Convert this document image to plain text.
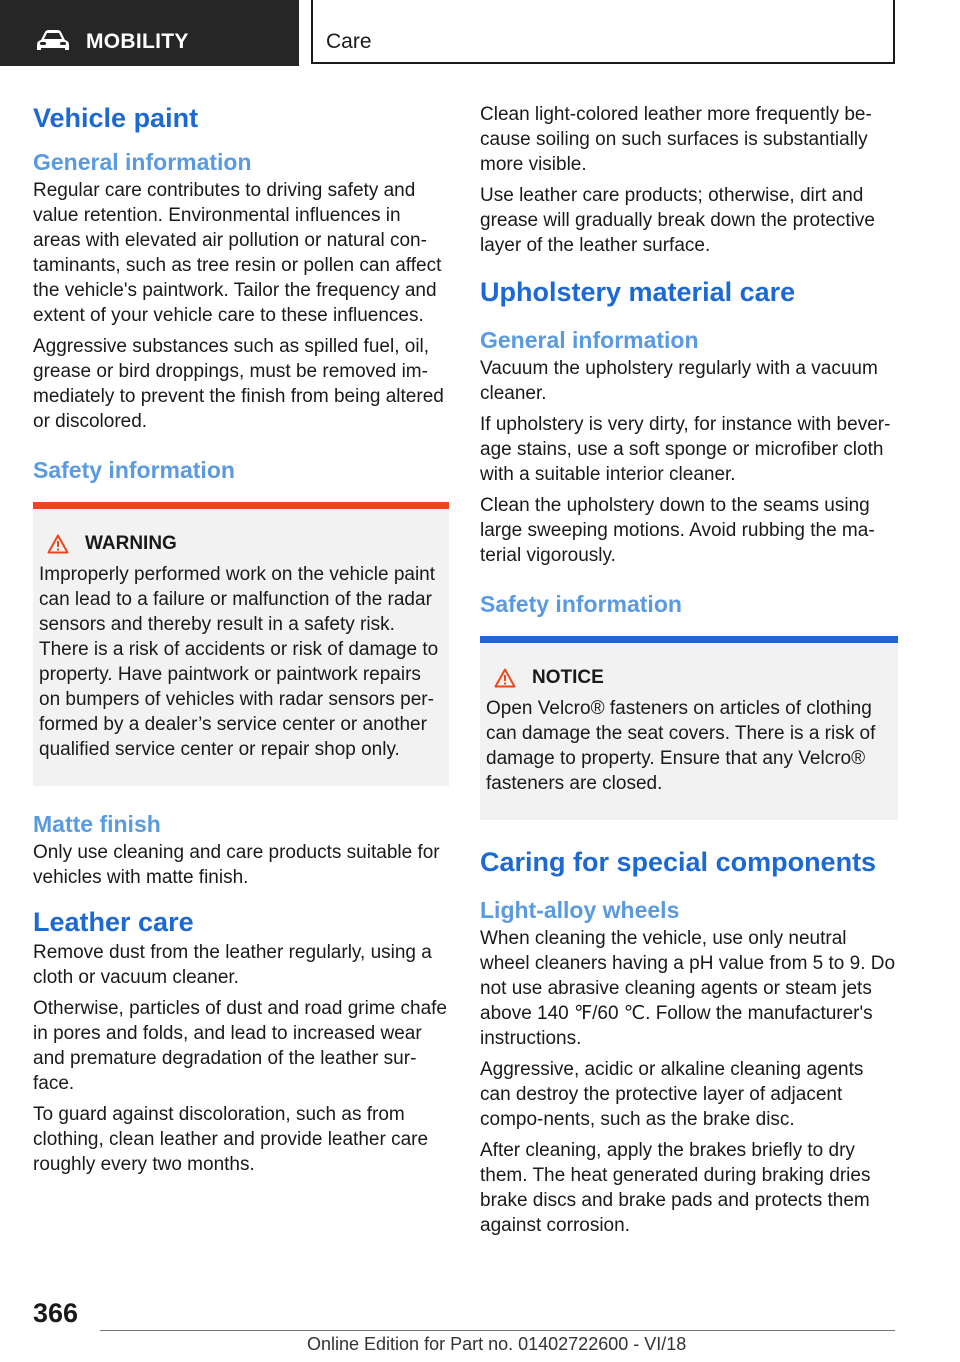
MOBILITY	Care
Vehicle paint
General information

Regular care contributes to driving safety and value retention. Environmental influences in areas with elevated air pollution or natural con-taminants, such as tree resin or pollen can affect the vehicle's paintwork. Tailor the frequency and extent of your vehicle care to these influences.

Aggressive substances such as spilled fuel, oil, grease or bird droppings, must be removed im-mediately to prevent the finish from being altered or discolored.

Safety information
WARNING

Improperly performed work on the vehicle paint can lead to a failure or malfunction of the radar sensors and thereby result in a safety risk. There is a risk of accidents or risk of damage to property. Have paintwork or paintwork repairs on bumpers of vehicles with radar sensors per-formed by a dealer’s service center or another qualified service center or repair shop only.

Matte finish

Only use cleaning and care products suitable for vehicles with matte finish.

Leather care

Remove dust from the leather regularly, using a cloth or vacuum cleaner.

Otherwise, particles of dust and road grime chafe in pores and folds, and lead to increased wear and premature degradation of the leather sur-face.

To guard against discoloration, such as from clothing, clean leather and provide leather care roughly every two months.

Clean light-colored leather more frequently be-cause soiling on such surfaces is substantially more visible.

Use leather care products; otherwise, dirt and grease will gradually break down the protective layer of the leather surface.

Upholstery material care
General information

Vacuum the upholstery regularly with a vacuum cleaner.

If upholstery is very dirty, for instance with bever-age stains, use a soft sponge or microfiber cloth with a suitable interior cleaner.

Clean the upholstery down to the seams using large sweeping motions. Avoid rubbing the ma-terial vigorously.

Safety information
NOTICE

Open Velcro® fasteners on articles of clothing can damage the seat covers. There is a risk of damage to property. Ensure that any Velcro® fasteners are closed.

Caring for special components
Light-alloy wheels

When cleaning the vehicle, use only neutral wheel cleaners having a pH value from 5 to 9. Do not use abrasive cleaning agents or steam jets above 140 ℉/60 ℃. Follow the manufacturer's instructions.

Aggressive, acidic or alkaline cleaning agents can destroy the protective layer of adjacent compo-nents, such as the brake disc.

After cleaning, apply the brakes briefly to dry them. The heat generated during braking dries brake discs and brake pads and protects them against corrosion.

366
Online Edition for Part no. 01402722600 - VI/18
